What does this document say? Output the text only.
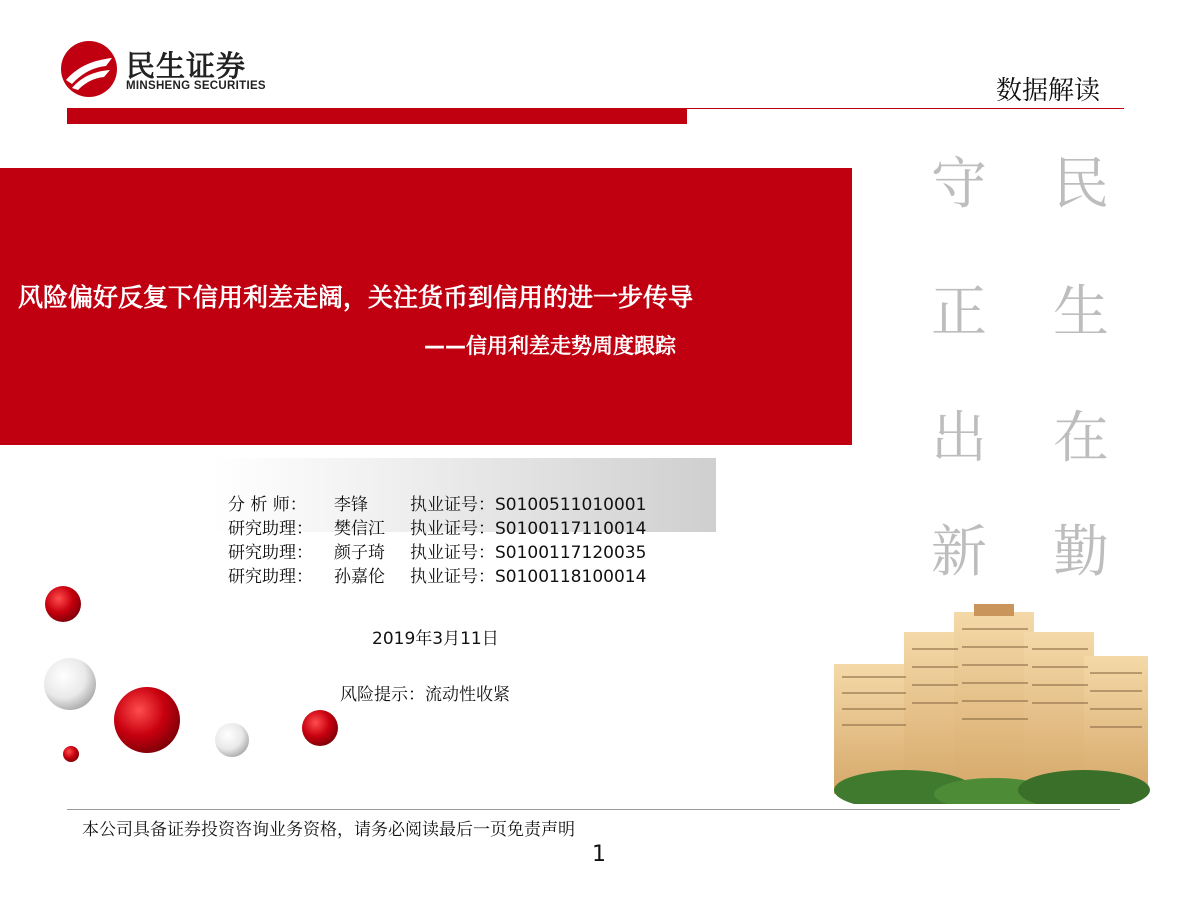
民生证券
MINSHENG SECURITIES	数据解读
风险偏好反复下信用利差走阔，关注货币到信用的进一步传导
——信用利差走势周度跟踪
守
正
出
新
民
生
在
勤
分 析 师： 李锋 执业证号：S0100511010001
研究助理： 樊信江 执业证号：S0100117110014
研究助理： 颜子琦 执业证号：S0100117120035
研究助理： 孙嘉伦 执业证号：S0100118100014
2019年3月11日
风险提示：流动性收紧
本公司具备证券投资咨询业务资格，请务必阅读最后一页免责声明
1
